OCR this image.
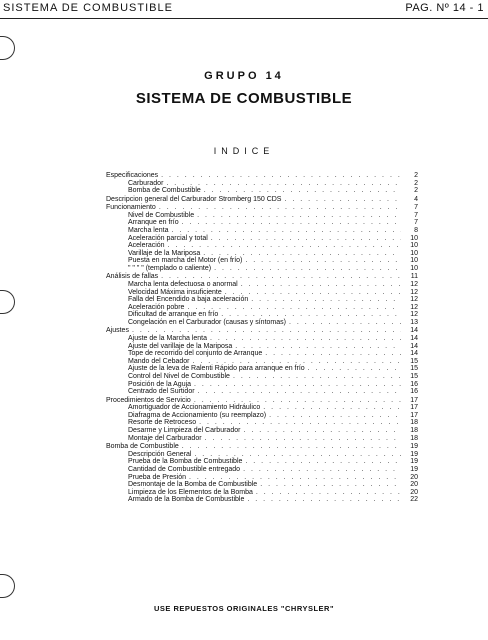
SISTEMA DE COMBUSTIBLE	PAG. Nº 14 - 1
GRUPO 14
SISTEMA DE COMBUSTIBLE
INDICE
Especificaciones . . .	2
Carburador . . .	2
Bomba de Combustible . . .	2
Descripcion general del Carburador Stromberg 150 CDS . . .	4
Funcionamiento . . .	7
Nivel de Combustible . . .	7
Arranque en frío . . .	7
Marcha lenta . . .	8
Aceleración parcial y total . . .	10
Aceleración . . .	10
Varillaje de la Mariposa . . .	10
Puesta en marcha del Motor (en frío) . . .	10
" " " " (templado o caliente) . . .	10
Análisis de fallas . . .	11
Marcha lenta defectuosa o anormal . . .	12
Velocidad Máxima insuficiente . . .	12
Falla del Encendido a baja aceleración . . .	12
Aceleración pobre . . .	12
Dificultad de arranque en frío . . .	12
Congelación en el Carburador (causas y síntomas) . . .	13
Ajustes . . .	14
Ajuste de la Marcha lenta . . .	14
Ajuste del varillaje de la Mariposa . . .	14
Tope de recorrido del conjunto de Arranque . . .	14
Mando del Cebador . . .	15
Ajuste de la leva de Ralenti Rápido para arranque en frío . . .	15
Control del Nivel de Combustible . . .	15
Posición de la Aguja . . .	16
Centrado del Surtidor . . .	16
Procedimientos de Servicio . . .	17
Amortiguador de Accionamiento Hidráulico . . .	17
Diafragma de Accionamiento (su reemplazo) . . .	17
Resorte de Retroceso . . .	18
Desarme y Limpieza del Carburador . . .	18
Montaje del Carburador . . .	18
Bomba de Combustible . . .	19
Descripción General . . .	19
Prueba de la Bomba de Combustible . . .	19
Cantidad de Combustible entregado . . .	19
Prueba de Presión . . .	20
Desmontaje de la Bomba de Combustible . . .	20
Limpieza de los Elementos de la Bomba . . .	20
Armado de la Bomba de Combustible . . .	22
USE REPUESTOS ORIGINALES "CHRYSLER"
